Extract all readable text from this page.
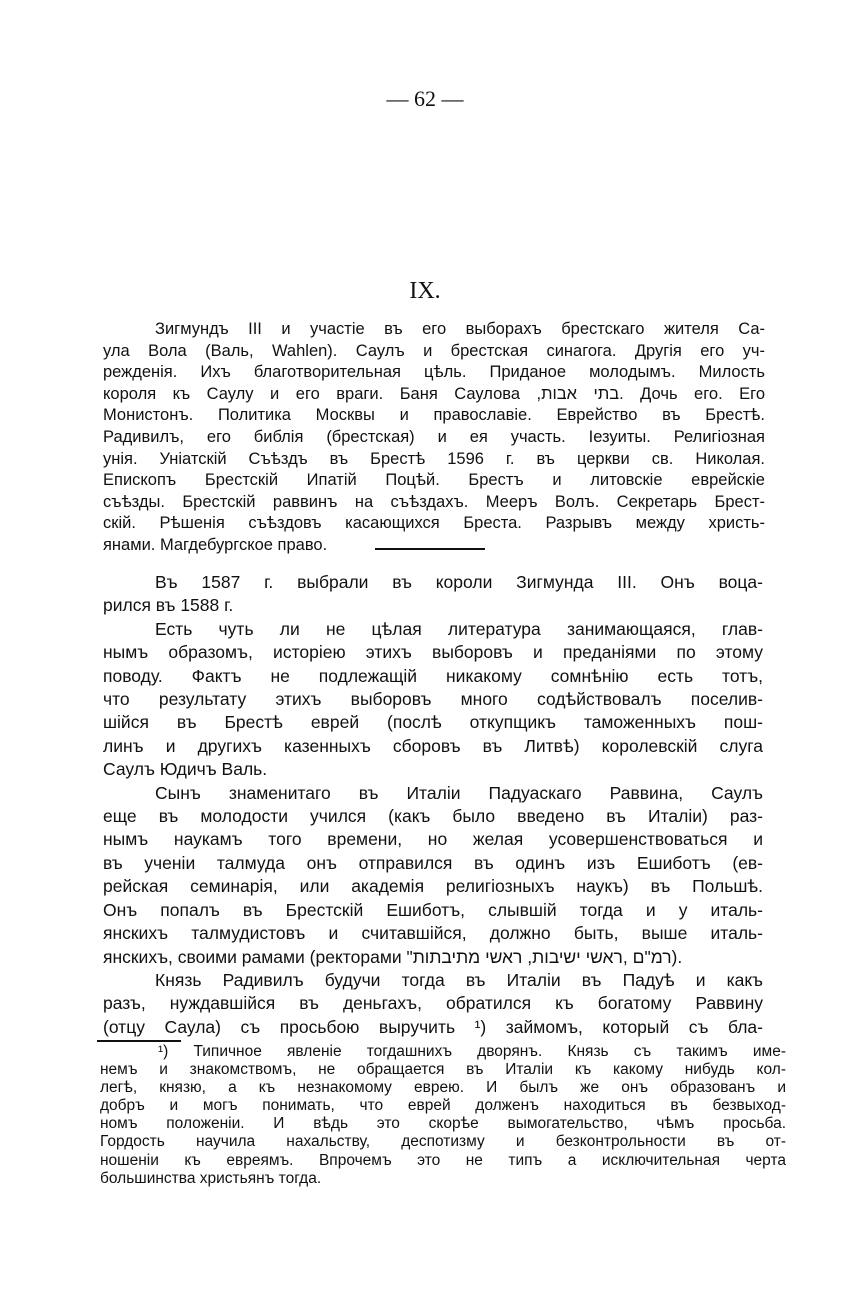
— 62 —
IX.
Зигмундъ III и участіе въ его выборахъ брестскаго жителя Са-
ула Вола (Валь, Wahlen). Саулъ и брестская синагога. Другія его уч-
режденія. Ихъ благотворительная цѣль. Приданое молодымъ. Милость
короля къ Саулу и его враги. Баня Саулова ,בתי אבות. Дочь его. Его
Монистонъ. Политика Москвы и православіе. Еврейство въ Брестѣ.
Радивилъ, его библія (брестская) и ея участь. Іезуиты. Религіозная
унія. Уніатскій Съѣздъ въ Брестѣ 1596 г. въ церкви св. Николая.
Епископъ Брестскій Ипатій Поцѣй. Брестъ и литовскіе еврейскіе
съѣзды. Брестскій раввинъ на съѣздахъ. Мееръ Волъ. Секретарь Брест-
скій. Рѣшенія съѣздовъ касающихся Бреста. Разрывъ между христь-
янами. Магдебургское право.
Въ 1587 г. выбрали въ короли Зигмунда III. Онъ воца-
рился въ 1588 г.
Есть чуть ли не цѣлая литература занимающаяся, глав-
нымъ образомъ, исторіею этихъ выборовъ и преданіями по этому
поводу. Фактъ не подлежащій никакому сомнѣнію есть тотъ,
что результату этихъ выборовъ много содѣйствовалъ поселив-
шійся въ Брестѣ еврей (послѣ откупщикъ таможенныхъ пош-
линъ и другихъ казенныхъ сборовъ въ Литвѣ) королевскій слуга
Саулъ Юдичъ Валь.
Сынъ знаменитаго въ Италіи Падуаскаго Раввина, Саулъ
еще въ молодости учился (какъ было введено въ Италіи) раз-
нымъ наукамъ того времени, но желая усовершенствоваться и
въ ученіи талмуда онъ отправился въ одинъ изъ Ешиботъ (ев-
рейская семинарія, или академія религіозныхъ наукъ) въ Польшѣ.
Онъ попалъ въ Брестскій Ешиботъ, слывшій тогда и у италь-
янскихъ талмудистовъ и считавшійся, должно быть, выше италь-
янскихъ, своими рамами (ректорами "רמ"ם ,ראשי ישיבות, ראשי מתיבתות).
Князь Радивилъ будучи тогда въ Италіи въ Падуѣ и какъ
разъ, нуждавшійся въ деньгахъ, обратился къ богатому Раввину
(отцу Саула) съ просьбою выручить ¹) займомъ, который съ бла-
¹) Типичное явленіе тогдашнихъ дворянъ. Князь съ такимъ име-
немъ и знакомствомъ, не обращается въ Италіи къ какому нибудь кол-
легѣ, князю, а къ незнакомому еврею. И былъ же онъ образованъ и
добръ и могъ понимать, что еврей долженъ находиться въ безвыход-
номъ положеніи. И вѣдь это скорѣе вымогательство, чѣмъ просьба.
Гордость научила нахальству, деспотизму и безконтрольности въ от-
ношеніи къ евреямъ. Впрочемъ это не типъ а исключительная черта
большинства христьянъ тогда.
